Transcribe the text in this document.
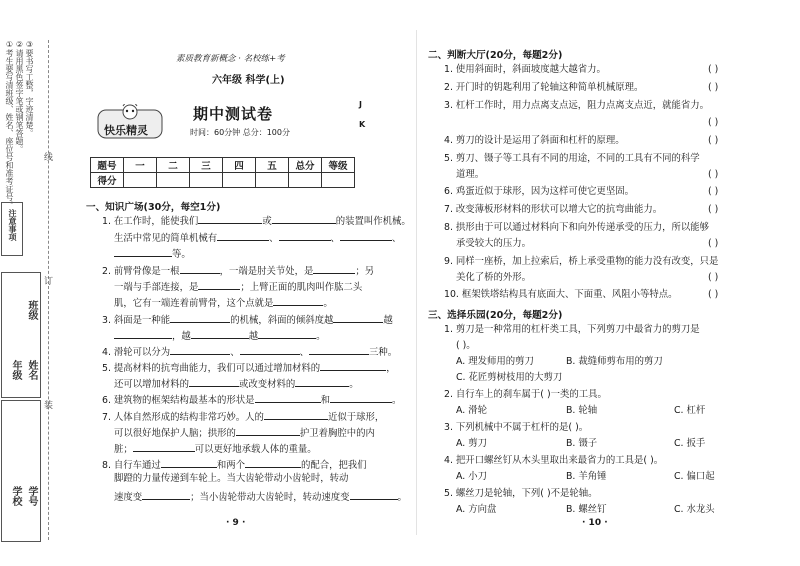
①考生要写清班级、姓名、座位号和准考证号。 ②请用黑色签字笔或钢笔答题。 ③要书写工整，字迹清楚。
注意事项
班级
年级 姓名
学校 学号
线
订
装
素质教育新概念 · 名校练+考
六年级 科学(上)
快乐精灵
期中测试卷
时间：60分钟 总分：100分
J
K
题号	一	二	三	四	五	总分	等级
得分							
一、知识广场(30分，每空1分)
1. 在工作时，能使我们	或	的装置叫作机械。
生活中常见的简单机械有	、	、	、
等。
2. 前臂骨像是一根	，一端是肘关节处，是	；另
一端与手部连接，是	；上臂正面的肌肉叫作肱二头
肌，它有一端连着前臂骨，这个点就是	。
3. 斜面是一种能	的机械，斜面的倾斜度越	越
，越	越	。
4. 滑轮可以分为	、	、	三种。
5. 提高材料的抗弯曲能力，我们可以通过增加材料的	，
还可以增加材料的	或改变材料的	。
6. 建筑物的框架结构最基本的形状是	和	。
7. 人体自然形成的结构非常巧妙。人的	近似于球形，
可以很好地保护人脑；拱形的	护卫着胸腔中的内
脏；	可以更好地承载人体的重量。
8. 自行车通过	和两个	的配合，把我们
脚蹬的力量传递到车轮上。当大齿轮带动小齿轮时，转动
速度变	；当小齿轮带动大齿轮时，转动速度变	。
· 9 ·
二、判断大厅(20分，每题2分)
1. 使用斜面时，斜面坡度越大越省力。	( )
2. 开门时的钥匙利用了轮轴这种简单机械原理。	( )
3. 杠杆工作时，用力点离支点远，阻力点离支点近，就能省力。
( )
4. 剪刀的设计是运用了斜面和杠杆的原理。	( )
5. 剪刀、镊子等工具有不同的用途，不同的工具有不同的科学
道理。	( )
6. 鸡蛋近似于球形，因为这样可使它更坚固。	( )
7. 改变薄板形材料的形状可以增大它的抗弯曲能力。	( )
8. 拱形由于可以通过材料向下和向外传递承受的压力，所以能够
承受较大的压力。	( )
9. 同样一座桥，加上拉索后，桥上承受重物的能力没有改变，只是
美化了桥的外形。	( )
10. 框架铁塔结构具有底面大、下面重、风阻小等特点。	( )
三、选择乐园(20分，每题2分)
1. 剪刀是一种常用的杠杆类工具，下列剪刀中最省力的剪刀是
( )。
A. 理发师用的剪刀	B. 裁缝师剪布用的剪刀
C. 花匠剪树枝用的大剪刀
2. 自行车上的刹车属于( )一类的工具。
A. 滑轮	B. 轮轴	C. 杠杆
3. 下列机械中不属于杠杆的是( )。
A. 剪刀	B. 镊子	C. 扳手
4. 把开口螺丝钉从木头里取出来最省力的工具是( )。
A. 小刀	B. 羊角锤	C. 偏口起
5. 螺丝刀是轮轴，下列( )不是轮轴。
A. 方向盘	B. 螺丝钉	C. 水龙头
· 10 ·
